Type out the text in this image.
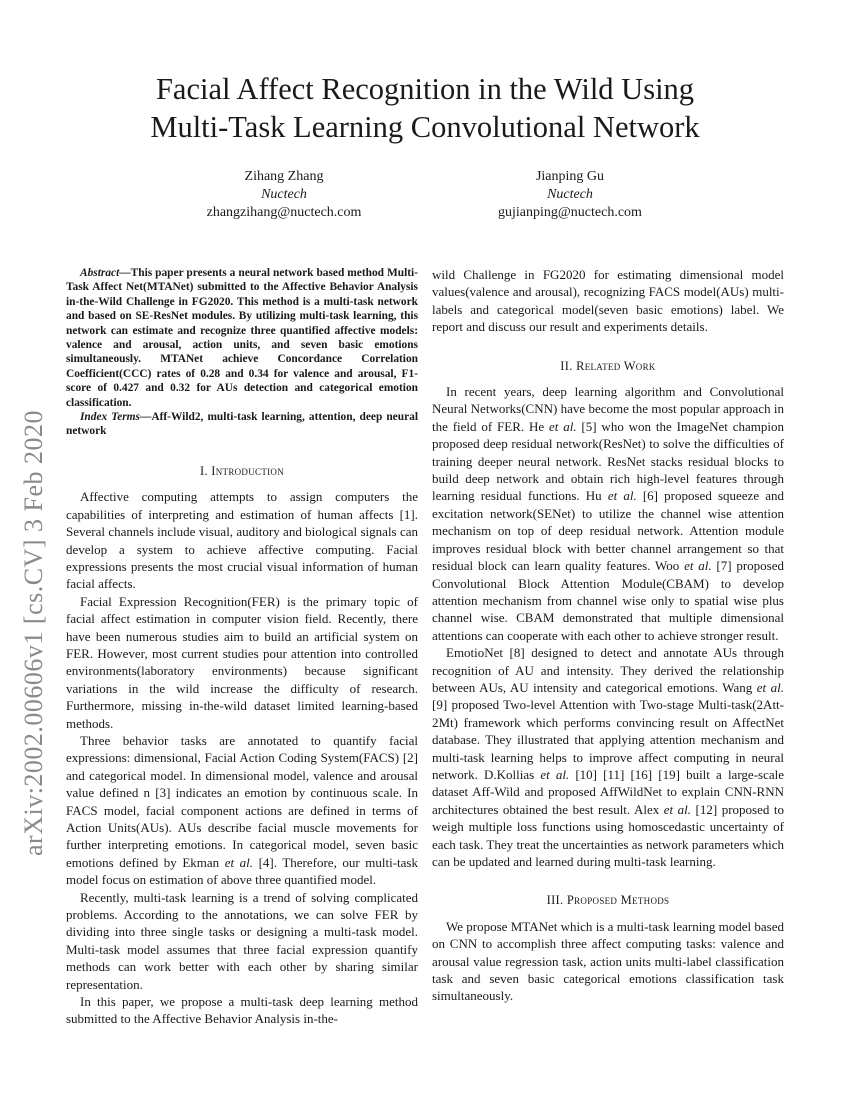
arXiv:2002.00606v1 [cs.CV] 3 Feb 2020
Facial Affect Recognition in the Wild Using
Multi-Task Learning Convolutional Network
Zihang Zhang
Nuctech
zhangzihang@nuctech.com
Jianping Gu
Nuctech
gujianping@nuctech.com

Abstract—This paper presents a neural network based method Multi-Task Affect Net(MTANet) submitted to the Affective Behavior Analysis in-the-Wild Challenge in FG2020. This method is a multi-task network and based on SE-ResNet modules. By utilizing multi-task learning, this network can estimate and recognize three quantified affective models: valence and arousal, action units, and seven basic emotions simultaneously. MTANet achieve Concordance Correlation Coefficient(CCC) rates of 0.28 and 0.34 for valence and arousal, F1-score of 0.427 and 0.32 for AUs detection and categorical emotion classification.

Index Terms—Aff-Wild2, multi-task learning, attention, deep neural network

I. Introduction

Affective computing attempts to assign computers the capabilities of interpreting and estimation of human affects [1]. Several channels include visual, auditory and biological signals can develop a system to achieve affective computing. Facial expressions presents the most crucial visual information of human facial affects.

Facial Expression Recognition(FER) is the primary topic of facial affect estimation in computer vision field. Recently, there have been numerous studies aim to build an artificial system on FER. However, most current studies pour attention into controlled environments(laboratory environments) because significant variations in the wild increase the difficulty of research. Furthermore, missing in-the-wild dataset limited learning-based methods.

Three behavior tasks are annotated to quantify facial expressions: dimensional, Facial Action Coding System(FACS) [2] and categorical model. In dimensional model, valence and arousal value defined n [3] indicates an emotion by continuous scale. In FACS model, facial component actions are defined in terms of Action Units(AUs). AUs describe facial muscle movements for further interpreting emotions. In categorical model, seven basic emotions defined by Ekman et al. [4]. Therefore, our multi-task model focus on estimation of above three quantified model.

Recently, multi-task learning is a trend of solving complicated problems. According to the annotations, we can solve FER by dividing into three single tasks or designing a multi-task model. Multi-task model assumes that three facial expression quantify methods can work better with each other by sharing similar representation.

In this paper, we propose a multi-task deep learning method submitted to the Affective Behavior Analysis in-the-

wild Challenge in FG2020 for estimating dimensional model values(valence and arousal), recognizing FACS model(AUs) multi-labels and categorical model(seven basic emotions) label. We report and discuss our result and experiments details.

II. Related Work

In recent years, deep learning algorithm and Convolutional Neural Networks(CNN) have become the most popular approach in the field of FER. He et al. [5] who won the ImageNet champion proposed deep residual network(ResNet) to solve the difficulties of training deeper neural network. ResNet stacks residual blocks to build deep network and obtain rich high-level features through learning residual functions. Hu et al. [6] proposed squeeze and excitation network(SENet) to utilize the channel wise attention mechanism on top of deep residual network. Attention module improves residual block with better channel arrangement so that residual block can learn quality features. Woo et al. [7] proposed Convolutional Block Attention Module(CBAM) to develop attention mechanism from channel wise only to spatial wise plus channel wise. CBAM demonstrated that multiple dimensional attentions can cooperate with each other to achieve stronger result.

EmotioNet [8] designed to detect and annotate AUs through recognition of AU and intensity. They derived the relationship between AUs, AU intensity and categorical emotions. Wang et al. [9] proposed Two-level Attention with Two-stage Multi-task(2Att-2Mt) framework which performs convincing result on AffectNet database. They illustrated that applying attention mechanism and multi-task learning helps to improve affect computing in neural network. D.Kollias et al. [10] [11] [16] [19] built a large-scale dataset Aff-Wild and proposed AffWildNet to explain CNN-RNN architectures obtained the best result. Alex et al. [12] proposed to weigh multiple loss functions using homoscedastic uncertainty of each task. They treat the uncertainties as network parameters which can be updated and learned during multi-task learning.

III. Proposed Methods

We propose MTANet which is a multi-task learning model based on CNN to accomplish three affect computing tasks: valence and arousal value regression task, action units multi-label classification task and seven basic categorical emotions classification task simultaneously.
